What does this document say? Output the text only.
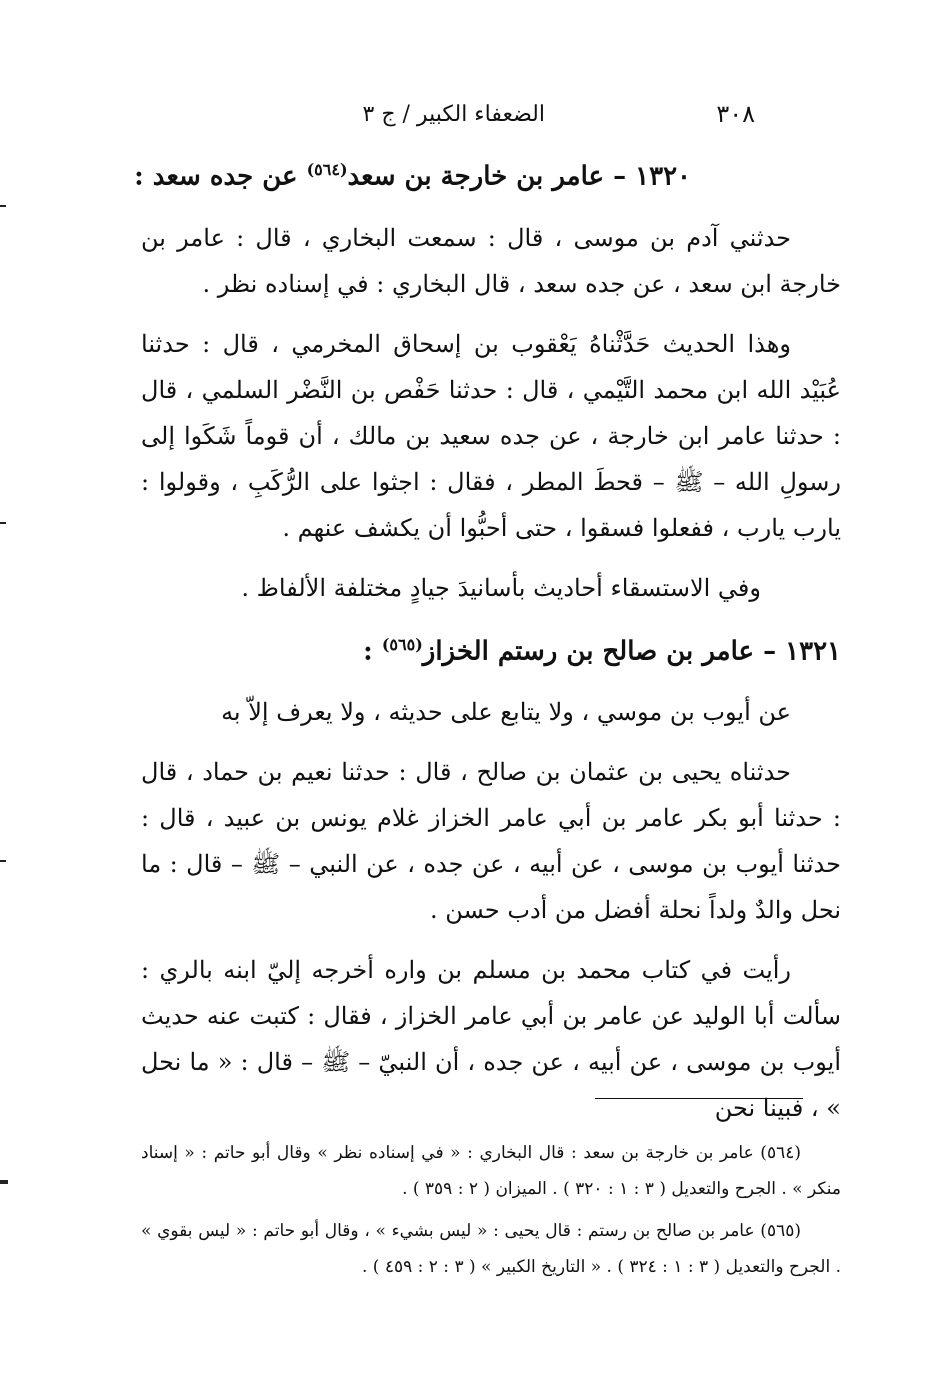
٣٠٨
الضعفاء الكبير / ج ٣
١٣٢٠ – عامر بن خارجة بن سعد$^{(٥٦٤)}$ عن جده سعد :

حدثني آدم بن موسى ، قال : سمعت البخاري ، قال : عامر بن خارجة ابن سعد ، عن جده سعد ، قال البخاري : في إسناده نظر .

وهذا الحديث حَدَّثْناهُ يَعْقوب بن إسحاق المخرمي ، قال : حدثنا عُبَيْد الله ابن محمد التَّيْمي ، قال : حدثنا حَفْص بن النَّضْر السلمي ، قال : حدثنا عامر ابن خارجة ، عن جده سعيد بن مالك ، أن قوماً شَكَوا إلى رسولِ الله – ﷺ – قحطَ المطر ، فقال : اجثوا على الرُّكَبِ ، وقولوا : يارب يارب ، ففعلوا فسقوا ، حتى أحبُّوا أن يكشف عنهم .

وفي الاستسقاء أحاديث بأسانيدَ جيادٍ مختلفة الألفاظ .

١٣٢١ – عامر بن صالح بن رستم الخزاز$^{(٥٦٥)}$ :

عن أيوب بن موسي ، ولا يتابع على حديثه ، ولا يعرف إلاّ به

حدثناه يحيى بن عثمان بن صالح ، قال : حدثنا نعيم بن حماد ، قال : حدثنا أبو بكر عامر بن أبي عامر الخزاز غلام يونس بن عبيد ، قال : حدثنا أيوب بن موسى ، عن أبيه ، عن جده ، عن النبي – ﷺ – قال : ما نحل والدٌ ولداً نحلة أفضل من أدب حسن .

رأيت في كتاب محمد بن مسلم بن واره أخرجه إليّ ابنه بالري : سألت أبا الوليد عن عامر بن أبي عامر الخزاز ، فقال : كتبت عنه حديث أيوب بن موسى ، عن أبيه ، عن جده ، أن النبيّ – ﷺ – قال : « ما نحل » ، فبينا نحن

(٥٦٤) عامر بن خارجة بن سعد : قال البخاري : « في إسناده نظر » وقال أبو حاتم : « إسناد منكر » . الجرح والتعديل ( ٣ : ١ : ٣٢٠ ) . الميزان ( ٢ : ٣٥٩ ) .

(٥٦٥) عامر بن صالح بن رستم : قال يحيى : « ليس بشيء » ، وقال أبو حاتم : « ليس بقوي » . الجرح والتعديل ( ٣ : ١ : ٣٢٤ ) . « التاريخ الكبير » ( ٣ : ٢ : ٤٥٩ ) .
